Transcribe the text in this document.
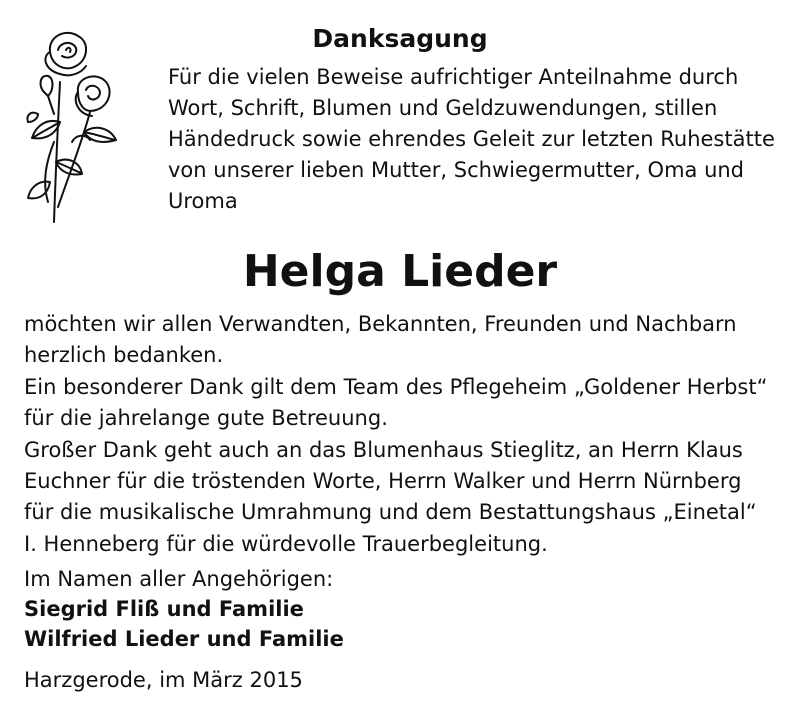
Danksagung
Für die vielen Beweise aufrichtiger Anteilnahme durch
Wort, Schrift, Blumen und Geldzuwendungen, stillen
Händedruck sowie ehrendes Geleit zur letzten Ruhestätte
von unserer lieben Mutter, Schwiegermutter, Oma und
Uroma
Helga Lieder
möchten wir allen Verwandten, Bekannten, Freunden und Nachbarn
herzlich bedanken.
Ein besonderer Dank gilt dem Team des Pflegeheim „Goldener Herbst“
für die jahrelange gute Betreuung.
Großer Dank geht auch an das Blumenhaus Stieglitz, an Herrn Klaus
Euchner für die tröstenden Worte, Herrn Walker und Herrn Nürnberg
für die musikalische Umrahmung und dem Bestattungshaus „Einetal“
I. Henneberg für die würdevolle Trauerbegleitung.
Im Namen aller Angehörigen:
Siegrid Fliß und Familie
Wilfried Lieder und Familie
Harzgerode, im März 2015
